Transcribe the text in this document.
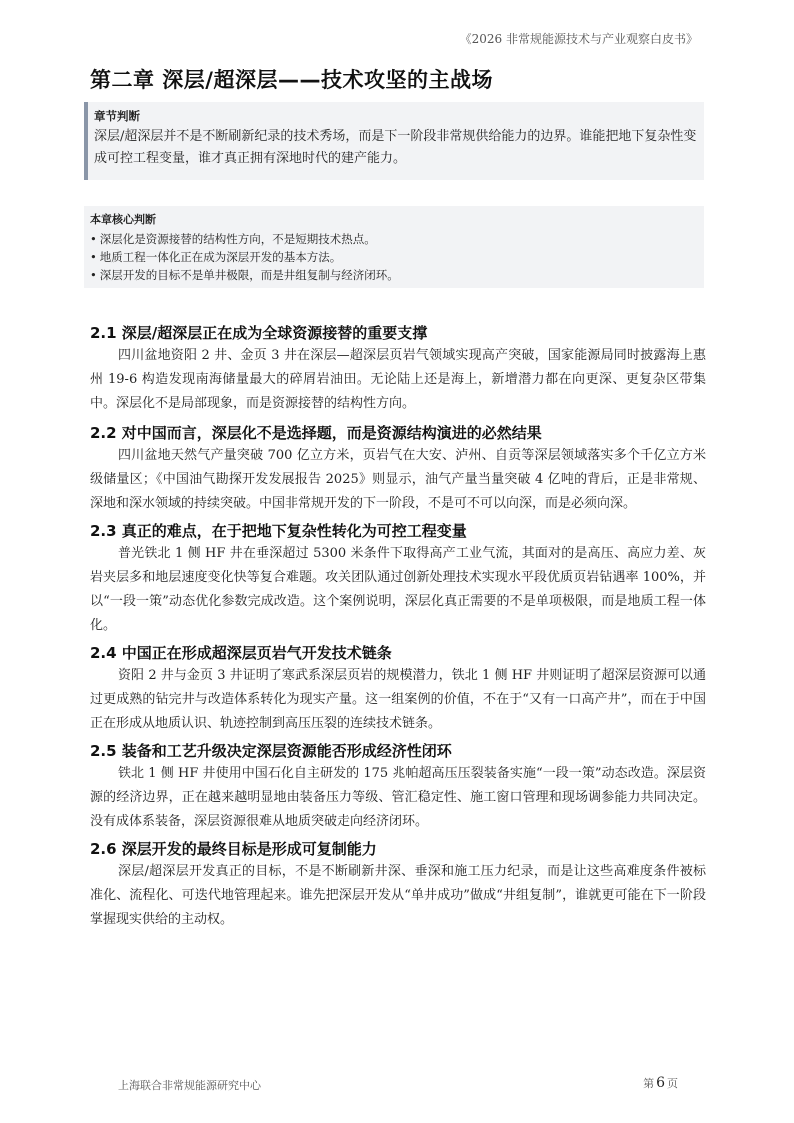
《2026 非常规能源技术与产业观察白皮书》
第二章 深层/超深层——技术攻坚的主战场
章节判断
深层/超深层并不是不断刷新纪录的技术秀场，而是下一阶段非常规供给能力的边界。谁能把地下复杂性变成可控工程变量，谁才真正拥有深地时代的建产能力。
本章核心判断
• 深层化是资源接替的结构性方向，不是短期技术热点。
• 地质工程一体化正在成为深层开发的基本方法。
• 深层开发的目标不是单井极限，而是井组复制与经济闭环。
2.1 深层/超深层正在成为全球资源接替的重要支撑

四川盆地资阳 2 井、金页 3 井在深层—超深层页岩气领域实现高产突破，国家能源局同时披露海上惠州 19-6 构造发现南海储量最大的碎屑岩油田。无论陆上还是海上，新增潜力都在向更深、更复杂区带集中。深层化不是局部现象，而是资源接替的结构性方向。

2.2 对中国而言，深层化不是选择题，而是资源结构演进的必然结果

四川盆地天然气产量突破 700 亿立方米，页岩气在大安、泸州、自贡等深层领域落实多个千亿立方米级储量区；《中国油气勘探开发发展报告 2025》则显示，油气产量当量突破 4 亿吨的背后，正是非常规、深地和深水领域的持续突破。中国非常规开发的下一阶段，不是可不可以向深，而是必须向深。

2.3 真正的难点，在于把地下复杂性转化为可控工程变量

普光铁北 1 侧 HF 井在垂深超过 5300 米条件下取得高产工业气流，其面对的是高压、高应力差、灰岩夹层多和地层速度变化快等复合难题。攻关团队通过创新处理技术实现水平段优质页岩钻遇率 100%，并以“一段一策”动态优化参数完成改造。这个案例说明，深层化真正需要的不是单项极限，而是地质工程一体化。

2.4 中国正在形成超深层页岩气开发技术链条

资阳 2 井与金页 3 井证明了寒武系深层页岩的规模潜力，铁北 1 侧 HF 井则证明了超深层资源可以通过更成熟的钻完井与改造体系转化为现实产量。这一组案例的价值，不在于“又有一口高产井”，而在于中国正在形成从地质认识、轨迹控制到高压压裂的连续技术链条。

2.5 装备和工艺升级决定深层资源能否形成经济性闭环

铁北 1 侧 HF 井使用中国石化自主研发的 175 兆帕超高压压裂装备实施“一段一策”动态改造。深层资源的经济边界，正在越来越明显地由装备压力等级、管汇稳定性、施工窗口管理和现场调参能力共同决定。没有成体系装备，深层资源很难从地质突破走向经济闭环。

2.6 深层开发的最终目标是形成可复制能力

深层/超深层开发真正的目标，不是不断刷新井深、垂深和施工压力纪录，而是让这些高难度条件被标准化、流程化、可迭代地管理起来。谁先把深层开发从“单井成功”做成“井组复制”，谁就更可能在下一阶段掌握现实供给的主动权。

上海联合非常规能源研究中心	第 6 页
